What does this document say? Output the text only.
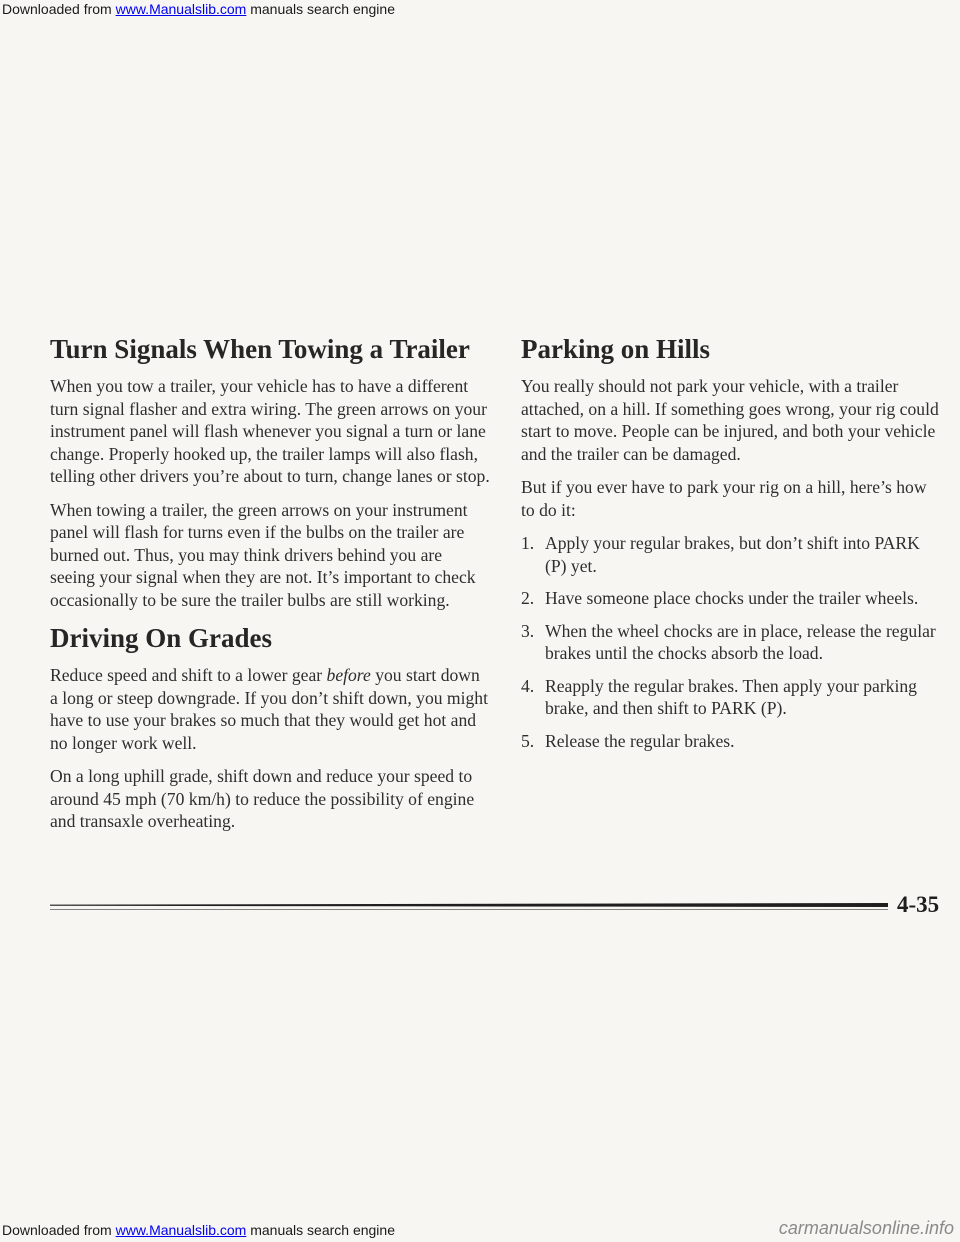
Downloaded from www.Manualslib.com manuals search engine
Turn Signals When Towing a Trailer

When you tow a trailer, your vehicle has to have a different turn signal flasher and extra wiring. The green arrows on your instrument panel will flash whenever you signal a turn or lane change. Properly hooked up, the trailer lamps will also flash, telling other drivers you’re about to turn, change lanes or stop.

When towing a trailer, the green arrows on your instrument panel will flash for turns even if the bulbs on the trailer are burned out. Thus, you may think drivers behind you are seeing your signal when they are not. It’s important to check occasionally to be sure the trailer bulbs are still working.

Driving On Grades

Reduce speed and shift to a lower gear before you start down a long or steep downgrade. If you don’t shift down, you might have to use your brakes so much that they would get hot and no longer work well.

On a long uphill grade, shift down and reduce your speed to around 45 mph (70 km/h) to reduce the possibility of engine and transaxle overheating.

Parking on Hills

You really should not park your vehicle, with a trailer attached, on a hill. If something goes wrong, your rig could start to move. People can be injured, and both your vehicle and the trailer can be damaged.

But if you ever have to park your rig on a hill, here’s how to do it:

1. Apply your regular brakes, but don’t shift into PARK (P) yet.
2. Have someone place chocks under the trailer wheels.
3. When the wheel chocks are in place, release the regular brakes until the chocks absorb the load.
4. Reapply the regular brakes. Then apply your parking brake, and then shift to PARK (P).
5. Release the regular brakes.
4-35
Downloaded from www.Manualslib.com manuals search engine	carmanualsonline.info
